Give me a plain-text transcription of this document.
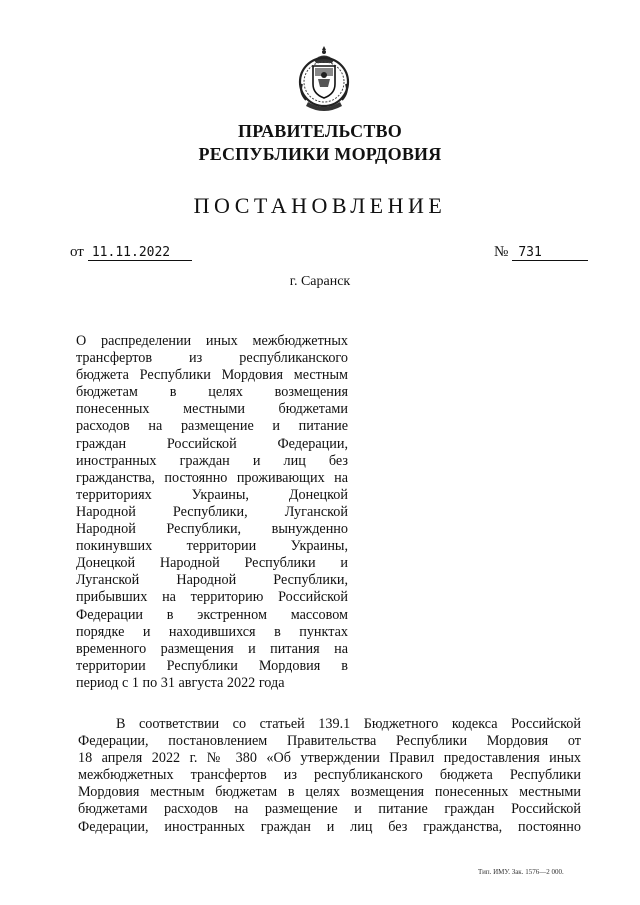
ПРАВИТЕЛЬСТВО
РЕСПУБЛИКИ МОРДОВИЯ
ПОСТАНОВЛЕНИЕ
от 11.11.2022	№ 731
г. Саранск
О распределении иных межбюджетных
трансфертов из республиканского
бюджета Республики Мордовия местным
бюджетам в целях возмещения
понесенных местными бюджетами
расходов на размещение и питание
граждан Российской Федерации,
иностранных граждан и лиц без
гражданства, постоянно проживающих на
территориях Украины, Донецкой
Народной Республики, Луганской
Народной Республики, вынужденно
покинувших территории Украины,
Донецкой Народной Республики и
Луганской Народной Республики,
прибывших на территорию Российской
Федерации в экстренном массовом
порядке и находившихся в пунктах
временного размещения и питания на
территории Республики Мордовия в
период с 1 по 31 августа 2022 года
В соответствии со статьей 139.1 Бюджетного кодекса Российской
Федерации, постановлением Правительства Республики Мордовия от
18 апреля 2022 г. № 380 «Об утверждении Правил предоставления иных
межбюджетных трансфертов из республиканского бюджета Республики
Мордовия местным бюджетам в целях возмещения понесенных местными
бюджетами расходов на размещение и питание граждан Российской
Федерации, иностранных граждан и лиц без гражданства, постоянно
Тип. ИМУ. Зак. 1576—2 000.
